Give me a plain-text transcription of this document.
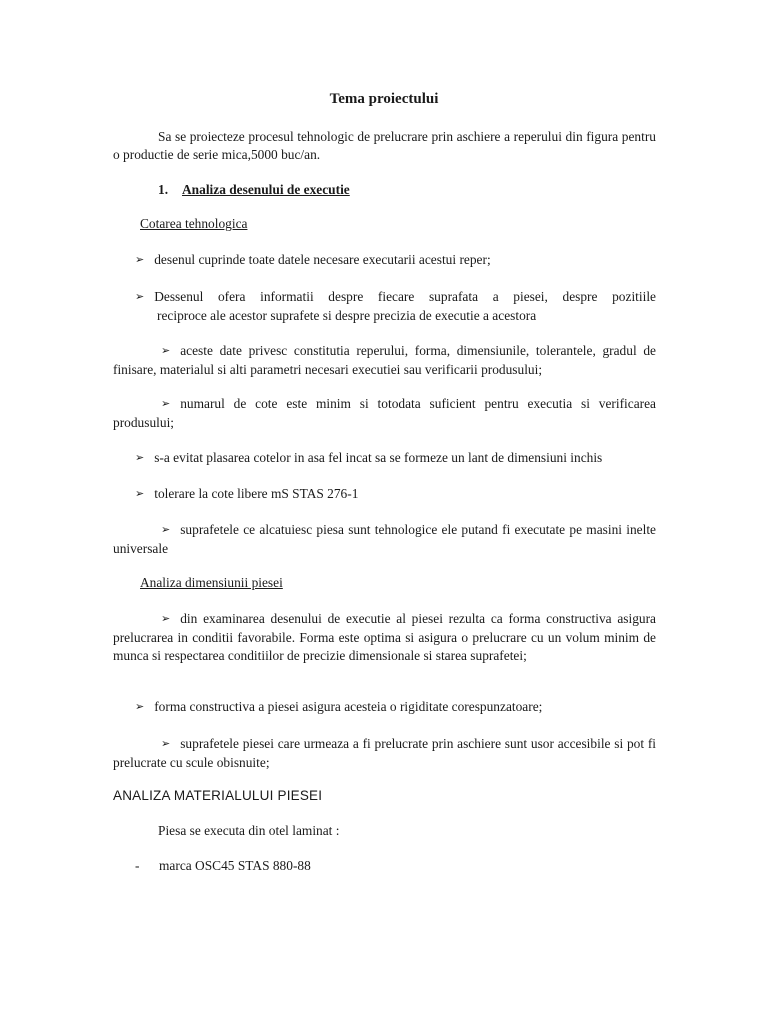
Tema proiectului
Sa se proiecteze procesul tehnologic de prelucrare prin aschiere a reperului din figura pentru o productie de serie mica,5000 buc/an.
1. Analiza desenului de executie
Cotarea tehnologica
➢ desenul cuprinde toate datele necesare executarii acestui reper;
➢ Dessenul ofera informatii despre fiecare suprafata a piesei, despre pozitiile
reciproce ale acestor suprafete si despre precizia de executie a acestora
➢ aceste date privesc constitutia reperului, forma, dimensiunile, tolerantele, gradul de finisare, materialul si alti parametri necesari executiei sau verificarii produsului;
➢ numarul de cote este minim si totodata suficient pentru executia si verificarea produsului;
➢ s-a evitat plasarea cotelor in asa fel incat sa se formeze un lant de dimensiuni inchis
➢ tolerare la cote libere mS STAS 276-1
➢ suprafetele ce alcatuiesc piesa sunt tehnologice ele putand fi executate pe masini inelte universale
Analiza dimensiunii piesei
➢ din examinarea desenului de executie al piesei rezulta ca forma constructiva asigura prelucrarea in conditii favorabile. Forma este optima si asigura o prelucrare cu un volum minim de munca si respectarea conditiilor de precizie dimensionale si starea suprafetei;
➢ forma constructiva a piesei asigura acesteia o rigiditate corespunzatoare;
➢ suprafetele piesei care urmeaza a fi prelucrate prin aschiere sunt usor accesibile si pot fi prelucrate cu scule obisnuite;
ANALIZA MATERIALULUI PIESEI
Piesa se executa din otel laminat :
- marca OSC45 STAS 880-88
